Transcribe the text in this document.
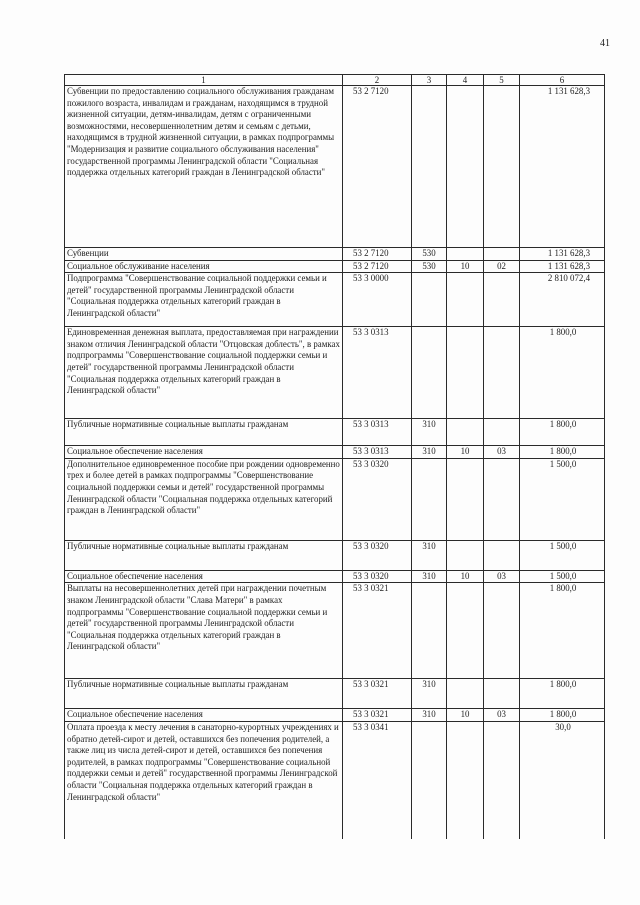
41
1	2	3	4	5	6
Субвенции по предоставлению социального обслуживания гражданам пожилого возраста, инвалидам и гражданам, находящимся в трудной жизненной ситуации, детям-инвалидам, детям с ограниченными возможностями, несовершеннолетним детям и семьям с детьми, находящимся в трудной жизненной ситуации, в рамках подпрограммы "Модернизация и развитие социального обслуживания населения" государственной программы Ленинградской области "Социальная поддержка отдельных категорий граждан в Ленинградской области"	53 2 7120				1 131 628,3
Субвенции	53 2 7120	530			1 131 628,3
Социальное обслуживание населения	53 2 7120	530	10	02	1 131 628,3
Подпрограмма "Совершенствование социальной поддержки семьи и детей" государственной программы Ленинградской области "Социальная поддержка отдельных категорий граждан в Ленинградской области"	53 3 0000				2 810 072,4
Единовременная денежная выплата, предоставляемая при награждении знаком отличия Ленинградской области "Отцовская доблесть", в рамках подпрограммы "Совершенствование социальной поддержки семьи и детей" государственной программы Ленинградской области "Социальная поддержка отдельных категорий граждан в Ленинградской области"	53 3 0313				1 800,0
Публичные нормативные социальные выплаты гражданам	53 3 0313	310			1 800,0
Социальное обеспечение населения	53 3 0313	310	10	03	1 800,0
Дополнительное единовременное пособие при рождении одновременно трех и более детей в рамках подпрограммы "Совершенствование социальной поддержки семьи и детей" государственной программы Ленинградской области "Социальная поддержка отдельных категорий граждан в Ленинградской области"	53 3 0320				1 500,0
Публичные нормативные социальные выплаты гражданам	53 3 0320	310			1 500,0
Социальное обеспечение населения	53 3 0320	310	10	03	1 500,0
Выплаты на несовершеннолетних детей при награждении почетным знаком Ленинградской области "Слава Матери" в рамках подпрограммы "Совершенствование социальной поддержки семьи и детей" государственной программы Ленинградской области "Социальная поддержка отдельных категорий граждан в Ленинградской области"	53 3 0321				1 800,0
Публичные нормативные социальные выплаты гражданам	53 3 0321	310			1 800,0
Социальное обеспечение населения	53 3 0321	310	10	03	1 800,0
Оплата проезда к месту лечения в санаторно-курортных учреждениях и обратно детей-сирот и детей, оставшихся без попечения родителей, а также лиц из числа детей-сирот и детей, оставшихся без попечения родителей, в рамках подпрограммы "Совершенствование социальной поддержки семьи и детей" государственной программы Ленинградской области "Социальная поддержка отдельных категорий граждан в Ленинградской области"	53 3 0341				30,0
